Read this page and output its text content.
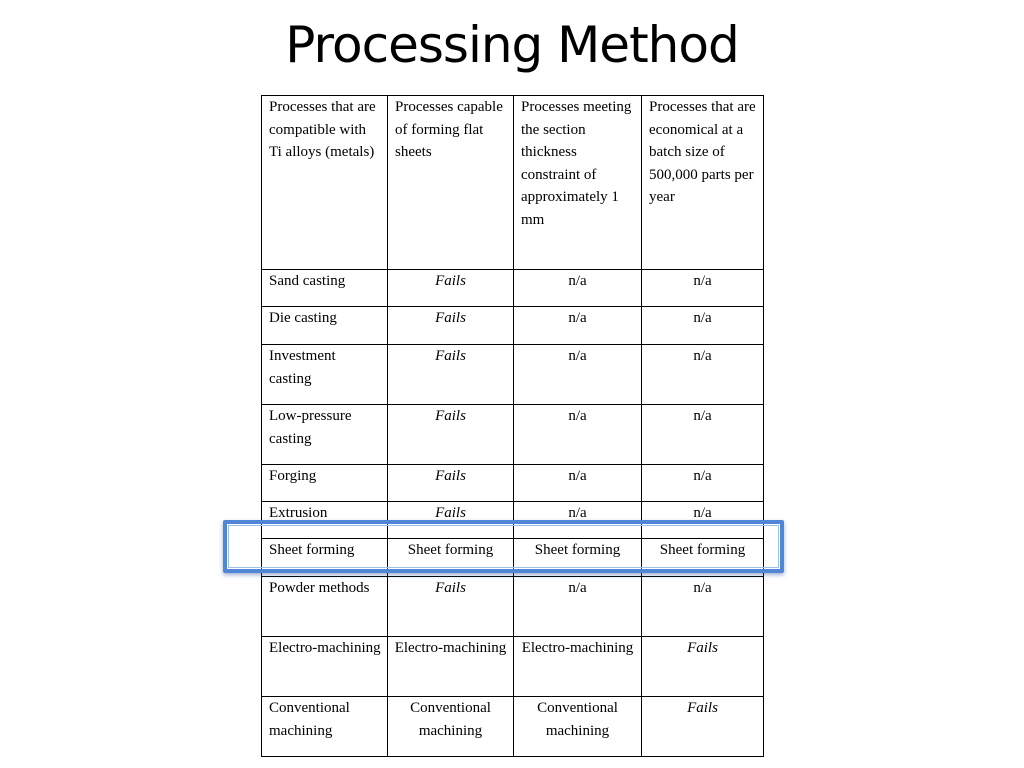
Processing Method
Processes that are compatible with Ti alloys (metals)	Processes capable of forming flat sheets	Processes meeting the section thickness constraint of approximately 1 mm	Processes that are economical at a batch size of 500,000 parts per year
Sand casting	Fails	n/a	n/a
Die casting	Fails	n/a	n/a
Investment casting	Fails	n/a	n/a
Low-pressure casting	Fails	n/a	n/a
Forging	Fails	n/a	n/a
Extrusion	Fails	n/a	n/a
Sheet forming	Sheet forming	Sheet forming	Sheet forming
Powder methods	Fails	n/a	n/a
Electro-machining	Electro-machining	Electro-machining	Fails
Conventional machining	Conventional machining	Conventional machining	Fails
